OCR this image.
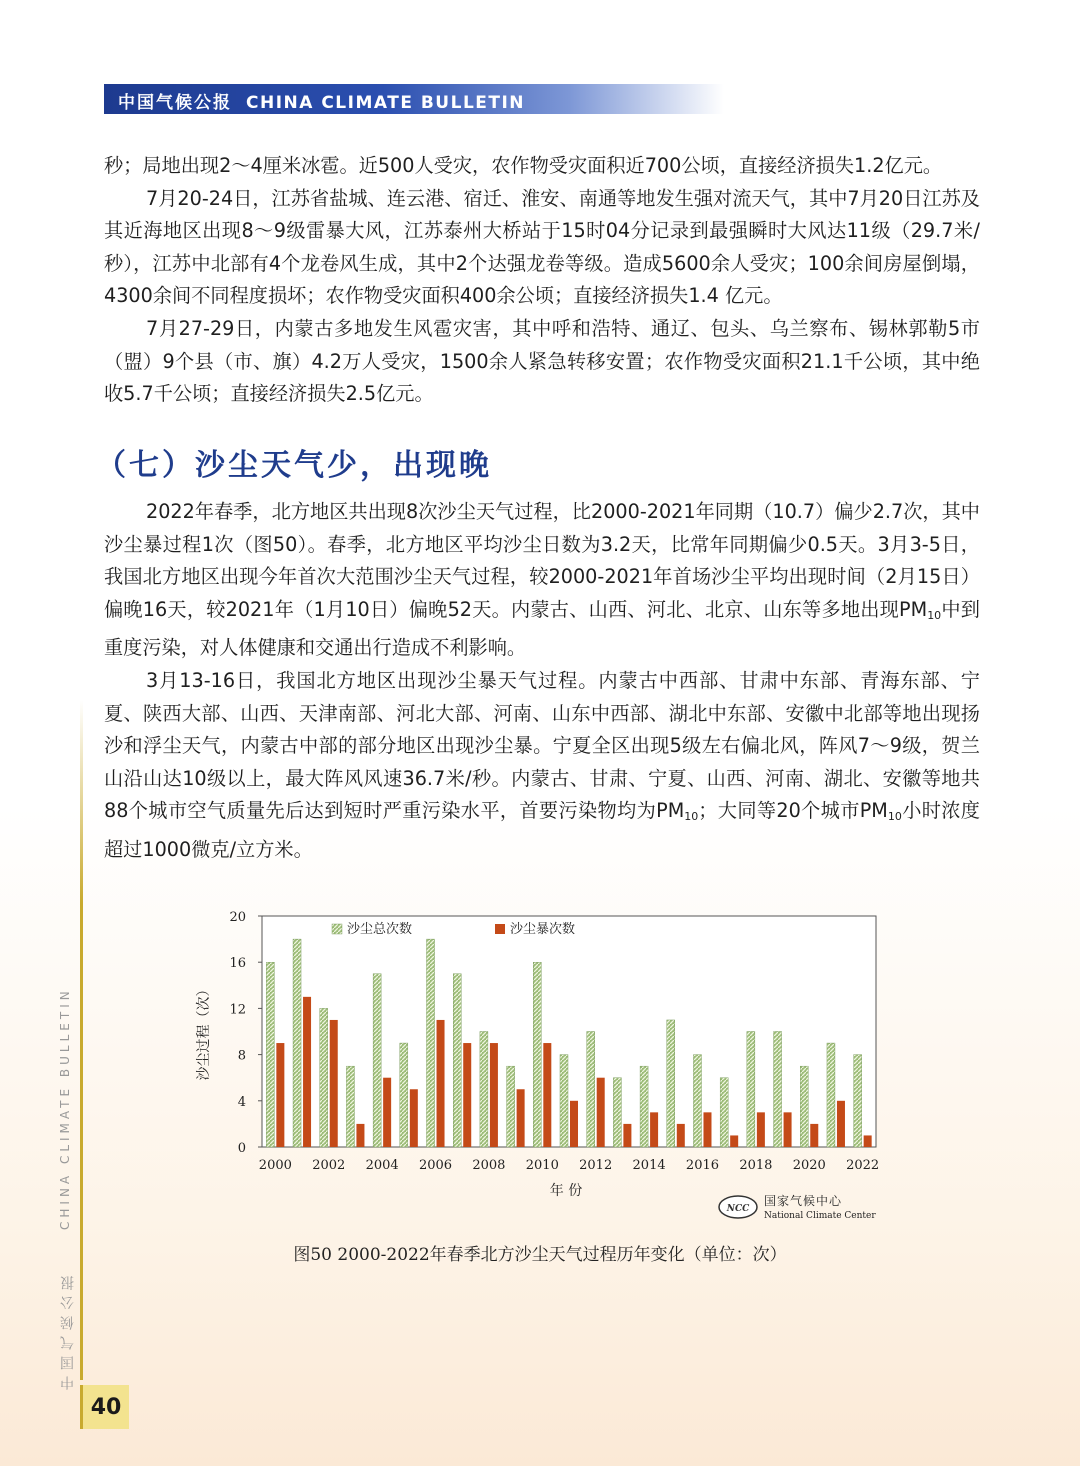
中国气候公报 CHINA CLIMATE BULLETIN
CHINA CLIMATE BULLETIN
中国气候公报
40

秒；局地出现2～4厘米冰雹。近500人受灾，农作物受灾面积近700公顷，直接经济损失1.2亿元。

7月20-24日，江苏省盐城、连云港、宿迁、淮安、南通等地发生强对流天气，其中7月20日江苏及其近海地区出现8～9级雷暴大风，江苏泰州大桥站于15时04分记录到最强瞬时大风达11级（29.7米/秒），江苏中北部有4个龙卷风生成，其中2个达强龙卷等级。造成5600余人受灾；100余间房屋倒塌，4300余间不同程度损坏；农作物受灾面积400余公顷；直接经济损失1.4 亿元。

7月27-29日，内蒙古多地发生风雹灾害，其中呼和浩特、通辽、包头、乌兰察布、锡林郭勒5市（盟）9个县（市、旗）4.2万人受灾，1500余人紧急转移安置；农作物受灾面积21.1千公顷，其中绝收5.7千公顷；直接经济损失2.5亿元。

（七）沙尘天气少，出现晚

2022年春季，北方地区共出现8次沙尘天气过程，比2000-2021年同期（10.7）偏少2.7次，其中沙尘暴过程1次（图50）。春季，北方地区平均沙尘日数为3.2天，比常年同期偏少0.5天。3月3-5日，我国北方地区出现今年首次大范围沙尘天气过程，较2000-2021年首场沙尘平均出现时间（2月15日）偏晚16天，较2021年（1月10日）偏晚52天。内蒙古、山西、河北、北京、山东等多地出现$PM_{10}$中到重度污染，对人体健康和交通出行造成不利影响。

3月13-16日，我国北方地区出现沙尘暴天气过程。内蒙古中西部、甘肃中东部、青海东部、宁夏、陕西大部、山西、天津南部、河北大部、河南、山东中西部、湖北中东部、安徽中北部等地出现扬沙和浮尘天气，内蒙古中部的部分地区出现沙尘暴。宁夏全区出现5级左右偏北风，阵风7～9级，贺兰山沿山达10级以上，最大阵风风速36.7米/秒。内蒙古、甘肃、宁夏、山西、河南、湖北、安徽等地共88个城市空气质量先后达到短时严重污染水平，首要污染物均为$PM_{10}$；大同等20个城市$PM_{10}$小时浓度超过1000微克/立方米。

0
4
8
12
16
20
2000 2002 2004 2006 2008 2010 2012 2014 2016 2018 2020 2022
年 份
沙尘过程（次）
沙尘总次数	沙尘暴次数
NCC
国家气候中心
National Climate Center
图50 2000-2022年春季北方沙尘天气过程历年变化（单位：次）
